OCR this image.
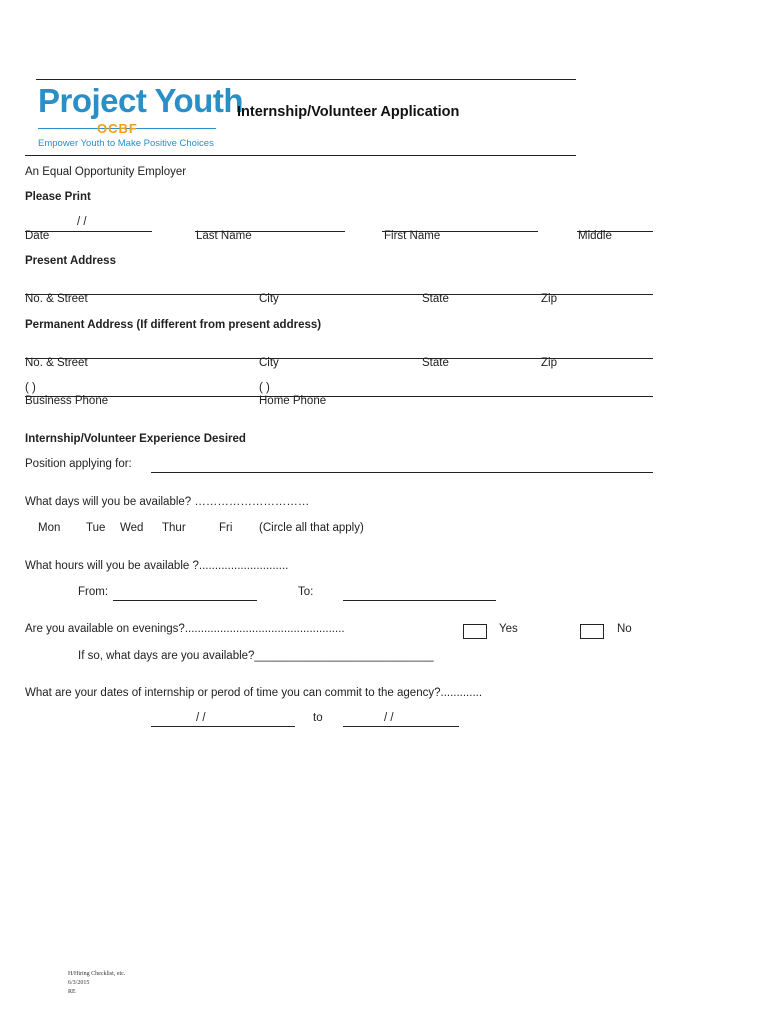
Project Youth
OCBF
Empower Youth to Make Positive Choices
Internship/Volunteer Application
An Equal Opportunity Employer
Please Print
/ /
Date	Last Name	First Name	Middle
Present Address
No. & Street	City	State	Zip
Permanent Address (If different from present address)
No. & Street	City	State	Zip
( )	( )
Business Phone	Home Phone
Internship/Volunteer Experience Desired
Position applying for:
What days will you be available? …………………………
Mon Tue Wed Thur	Fri (Circle all that apply)
What hours will you be available ?............................
From:	To:
Are you available on evenings?..................................................	Yes	No
If so, what days are you available?____________________________
What are your dates of internship or perod of time you can commit to the agency?.............
/ /	to	/ /
H/Hiring Checklist, etc.
6/3/2015
RE
